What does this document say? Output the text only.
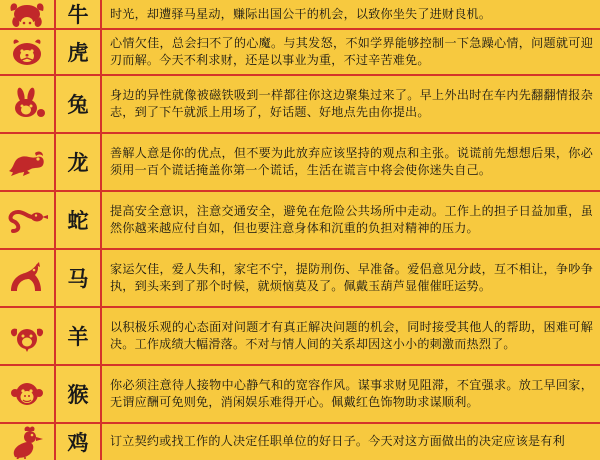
牛 时光，却遭驿马星动，赚际出国公干的机会，以致你坐失了进财良机。

虎 心情欠佳，总会扫不了的心魔。与其发怒，不如学界能够控制一下急躁心情，问题就可迎刃而解。今天不利求财，还是以事业为重，不过辛苦难免。

兔 身边的异性就像被磁铁吸到一样都往你这边聚集过来了。早上外出时在车内先翻翻情报杂志，到了下午就派上用场了，好话题、好地点先由你提出。

龙 善解人意是你的优点，但不要为此放弃应该坚持的观点和主张。说谎前先想想后果，你必须用一百个谎话掩盖你第一个谎话，生活在谎言中将会使你迷失自己。

蛇 提高安全意识，注意交通安全，避免在危险公共场所中走动。工作上的担子日益加重，虽然你越来越应付自如，但也要注意身体和沉重的负担对精神的压力。

马 家运欠佳，爱人失和，家宅不宁，提防刑伤、早准备。爱侣意见分歧，互不相让，争吵争执，到头来到了那个时候，就烦恼莫及了。佩戴玉葫芦显催催旺运势。

羊 以积极乐观的心态面对问题才有真正解决问题的机会，同时接受其他人的帮助，困难可解决。工作成绩大幅滑落。不对与情人间的关系却因这小小的刺激而热烈了。

猴 你必须注意待人接物中心静气和的宽容作风。谋事求财见阻滞，不宜强求。放工早回家，无谓应酬可免则免，消闲娱乐难得开心。佩戴红色饰物助求谋顺利。

鸡 订立契约或找工作的人决定任职单位的好日子。今天对这方面做出的决定应该是有利
